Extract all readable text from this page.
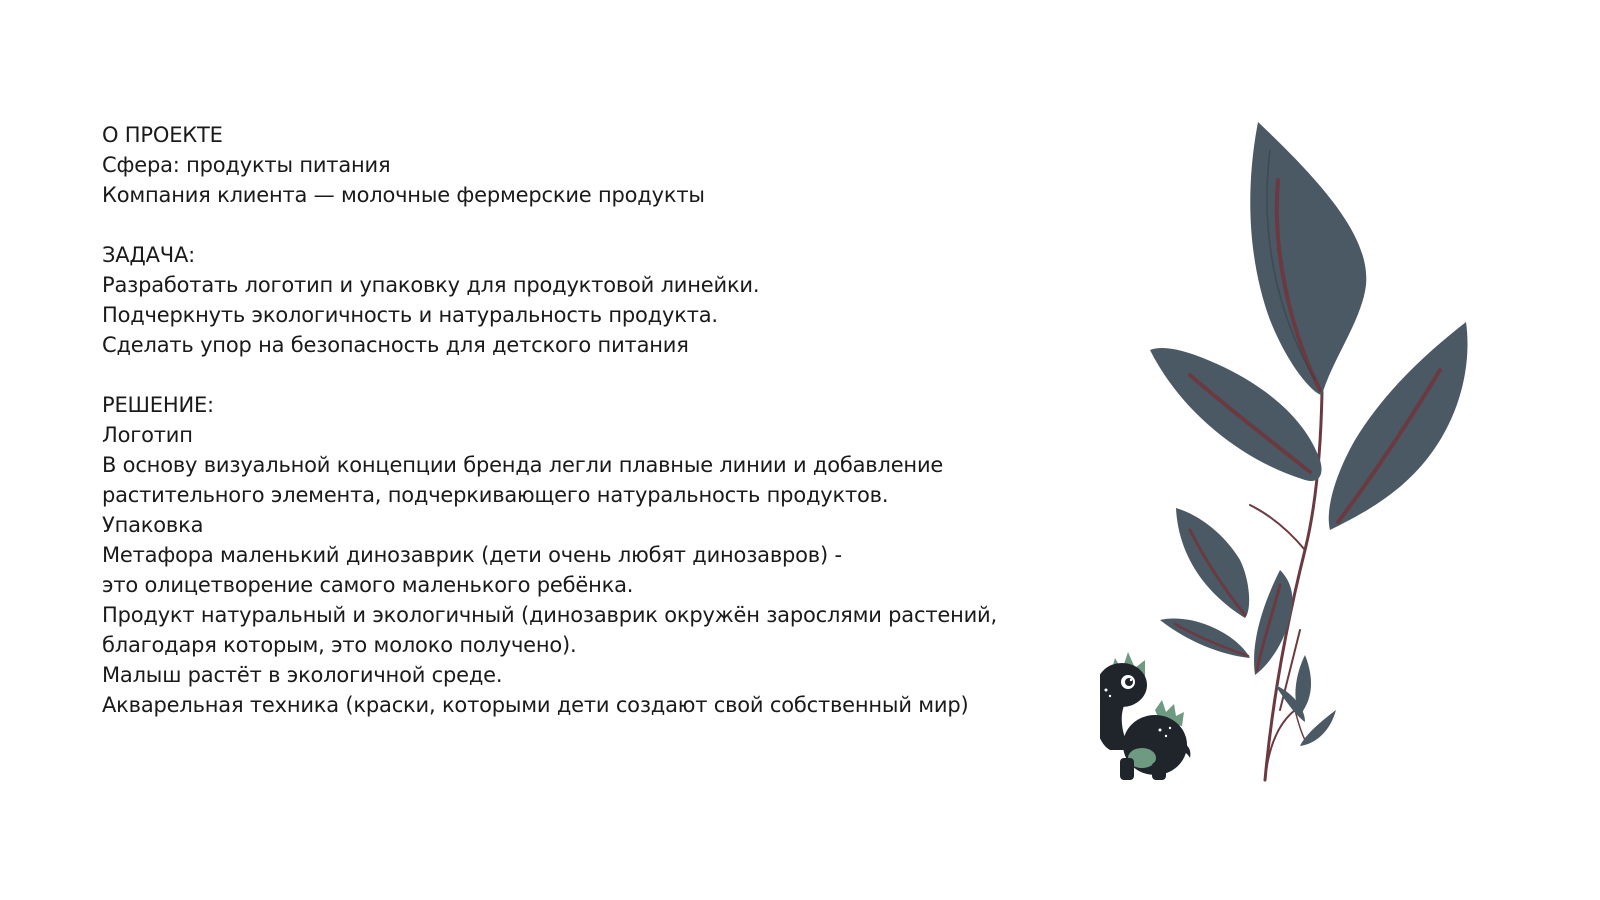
О ПРОЕКТЕ
Сфера: продукты питания
Компания клиента — молочные фермерские продукты
ЗАДАЧА:
Разработать логотип и упаковку для продуктовой линейки.
Подчеркнуть экологичность и натуральность продукта.
Сделать упор на безопасность для детского питания
РЕШЕНИЕ:
Логотип
В основу визуальной концепции бренда легли плавные линии и добавление
растительного элемента, подчеркивающего натуральность продуктов.
Упаковка
Метафора маленький динозаврик (дети очень любят динозавров) -
это олицетворение самого маленького ребёнка.
Продукт натуральный и экологичный (динозаврик окружён зарослями растений,
благодаря которым, это молоко получено).
Малыш растёт в экологичной среде.
Акварельная техника (краски, которыми дети создают свой собственный мир)
